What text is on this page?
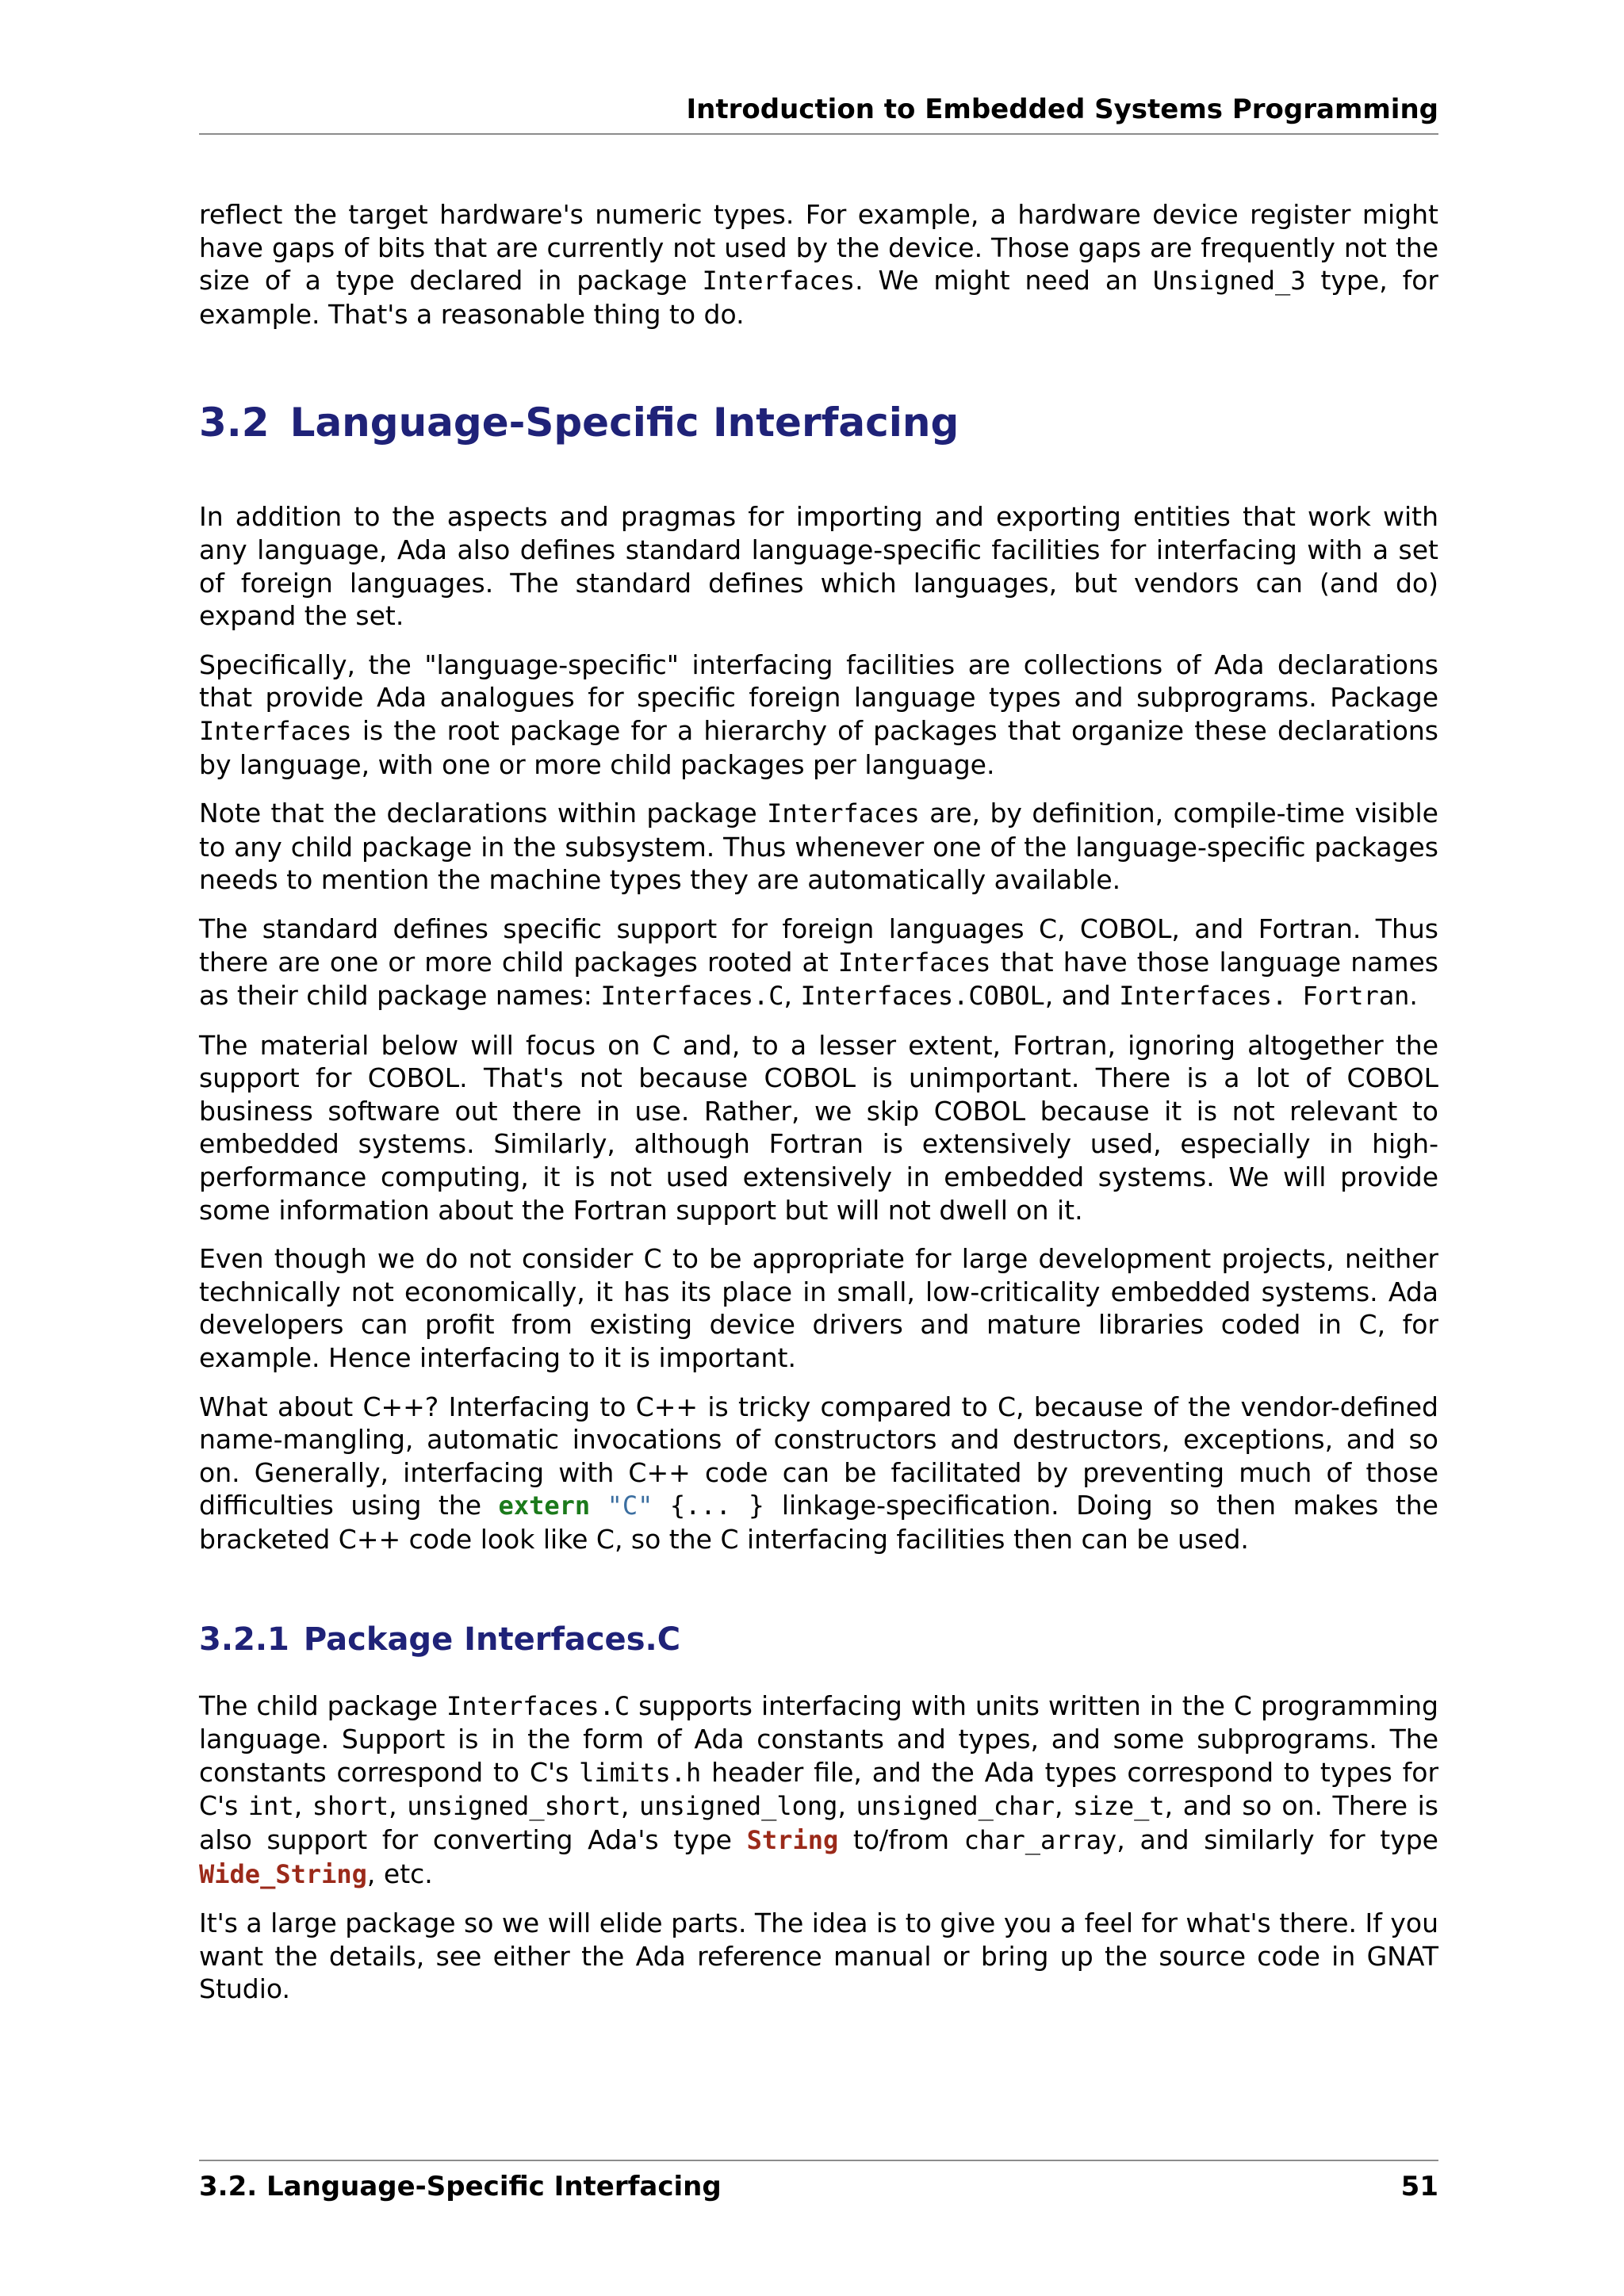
Introduction to Embedded Systems Programming

reflect the target hardware's numeric types. For example, a hardware device register might have gaps of bits that are currently not used by the device. Those gaps are frequently not the size of a type declared in package Interfaces. We might need an Unsigned_3 type, for example. That's a reasonable thing to do.

3.2 Language-Specific Interfacing

In addition to the aspects and pragmas for importing and exporting entities that work with any language, Ada also defines standard language-specific facilities for interfacing with a set of foreign languages. The standard defines which languages, but vendors can (and do) expand the set.

Specifically, the "language-specific" interfacing facilities are collections of Ada declarations that provide Ada analogues for specific foreign language types and subprograms. Package Interfaces is the root package for a hierarchy of packages that organize these declarations by language, with one or more child packages per language.

Note that the declarations within package Interfaces are, by definition, compile-time visible to any child package in the subsystem. Thus whenever one of the language-specific packages needs to mention the machine types they are automatically available.

The standard defines specific support for foreign languages C, COBOL, and Fortran. Thus there are one or more child packages rooted at Interfaces that have those language names as their child package names: Interfaces.C, Interfaces.COBOL, and Interfaces. Fortran.

The material below will focus on C and, to a lesser extent, Fortran, ignoring altogether the support for COBOL. That's not because COBOL is unimportant. There is a lot of COBOL business software out there in use. Rather, we skip COBOL because it is not relevant to embedded systems. Similarly, although Fortran is extensively used, especially in high-performance computing, it is not used extensively in embedded systems. We will provide some information about the Fortran support but will not dwell on it.

Even though we do not consider C to be appropriate for large development projects, neither technically not economically, it has its place in small, low-criticality embedded systems. Ada developers can profit from existing device drivers and mature libraries coded in C, for example. Hence interfacing to it is important.

What about C++? Interfacing to C++ is tricky compared to C, because of the vendor-defined name-mangling, automatic invocations of constructors and destructors, exceptions, and so on. Generally, interfacing with C++ code can be facilitated by preventing much of those difficulties using the extern "C" {... } linkage-specification. Doing so then makes the bracketed C++ code look like C, so the C interfacing facilities then can be used.

3.2.1 Package Interfaces.C

The child package Interfaces.C supports interfacing with units written in the C programming language. Support is in the form of Ada constants and types, and some subprograms. The constants correspond to C's limits.h header file, and the Ada types correspond to types for C's int, short, unsigned_short, unsigned_long, unsigned_char, size_t, and so on. There is also support for converting Ada's type String to/from char_array, and similarly for type Wide_String, etc.

It's a large package so we will elide parts. The idea is to give you a feel for what's there. If you want the details, see either the Ada reference manual or bring up the source code in GNAT Studio.

3.2. Language-Specific Interfacing	51
